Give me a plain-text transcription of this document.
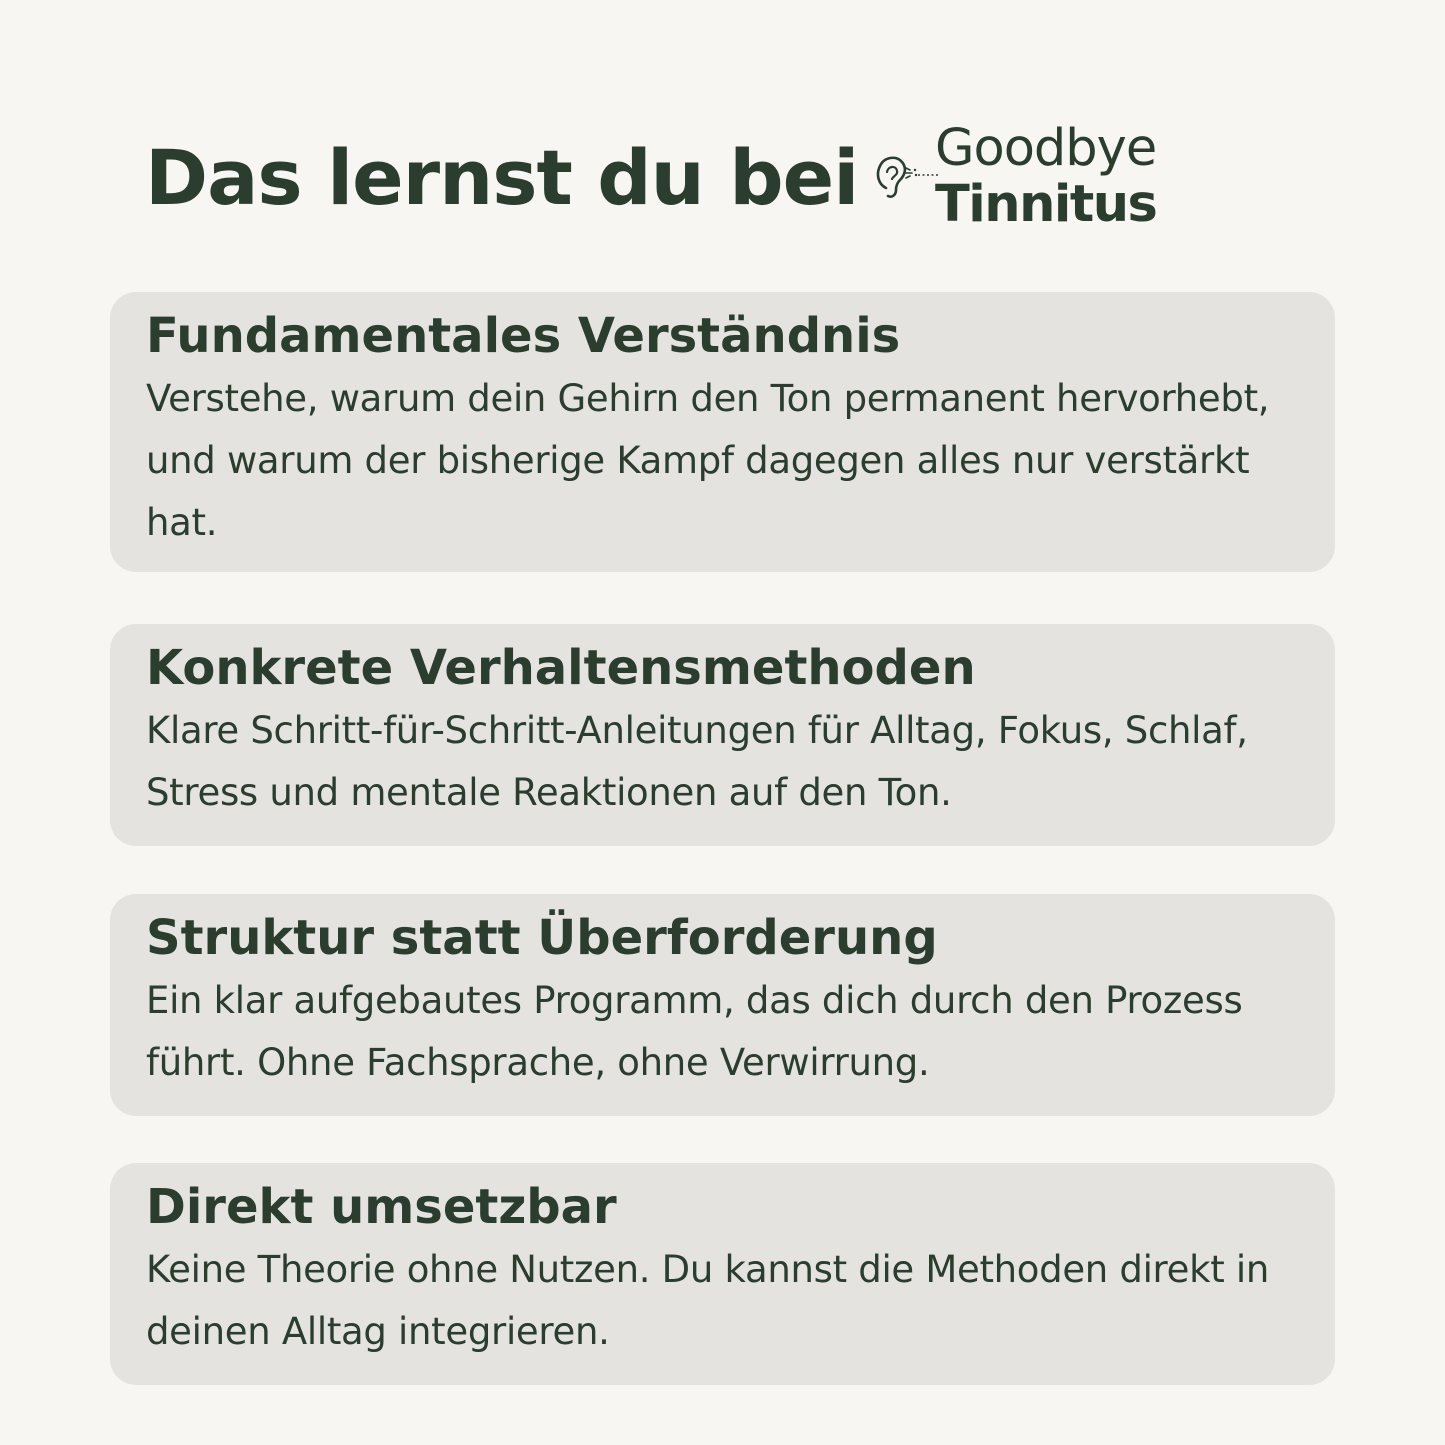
Das lernst du bei Goodbye
Tinnitus
Fundamentales Verständnis

Verstehe, warum dein Gehirn den Ton permanent hervorhebt, und warum der bisherige Kampf dagegen alles nur verstärkt hat.

Konkrete Verhaltensmethoden

Klare Schritt-für-Schritt-Anleitungen für Alltag, Fokus, Schlaf, Stress und mentale Reaktionen auf den Ton.

Struktur statt Überforderung

Ein klar aufgebautes Programm, das dich durch den Prozess führt. Ohne Fachsprache, ohne Verwirrung.

Direkt umsetzbar

Keine Theorie ohne Nutzen. Du kannst die Methoden direkt in deinen Alltag integrieren.
